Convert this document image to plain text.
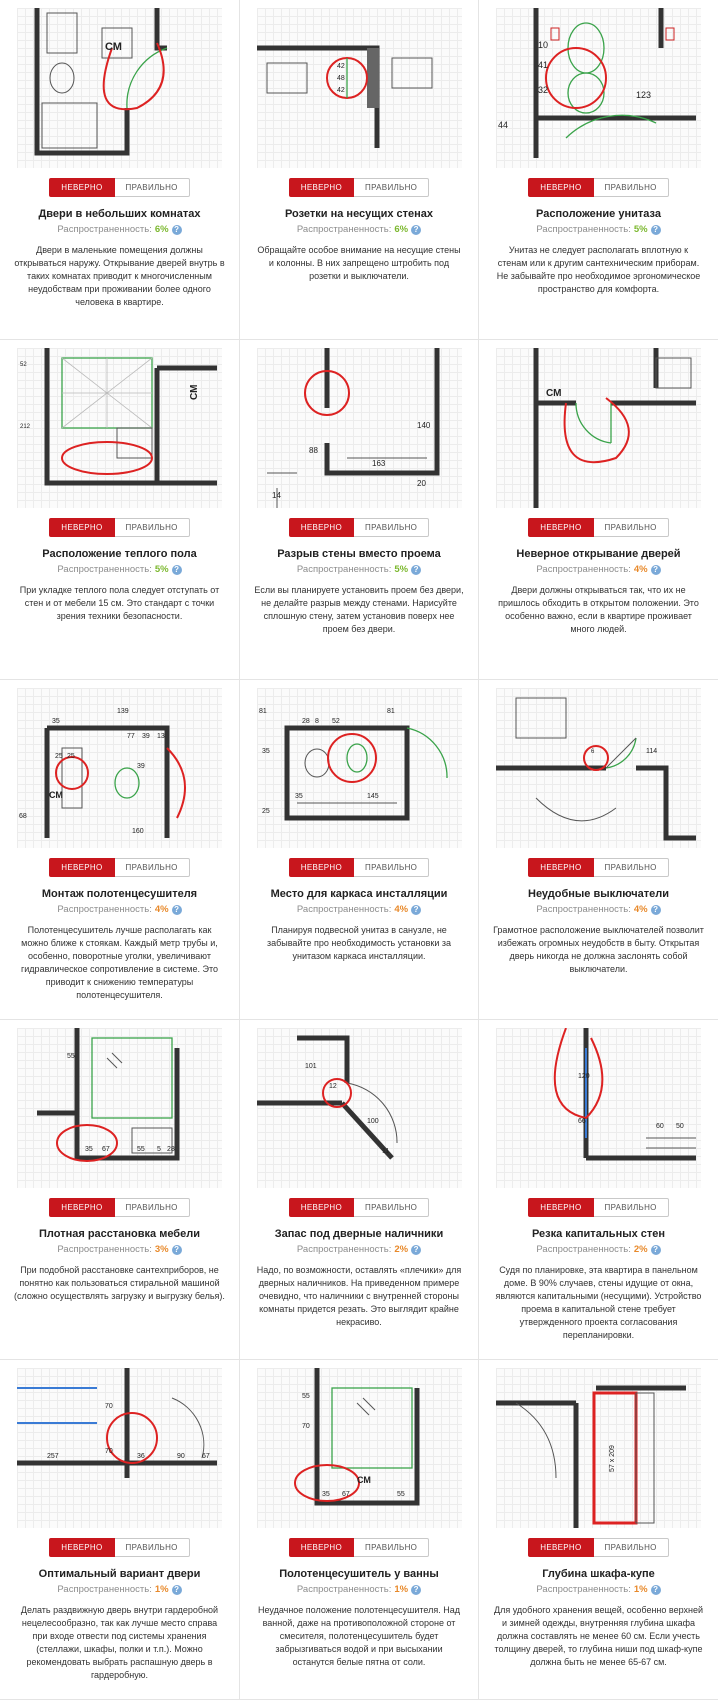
СМ
НЕВЕРНО	ПРАВИЛЬНО
Двери в небольших комнатах
Распространенность: 6% ?
Двери в маленькие помещения должны открываться наружу. Открывание дверей внутрь в таких комнатах приводит к многочисленным неудобствам при проживании более одного человека в квартире.
42
48
42
НЕВЕРНО	ПРАВИЛЬНО
Розетки на несущих стенах
Распространенность: 6% ?
Обращайте особое внимание на несущие стены и колонны. В них запрещено штробить под розетки и выключатели.
10
41
32	123
44
НЕВЕРНО	ПРАВИЛЬНО
Расположение унитаза
Распространенность: 5% ?
Унитаз не следует располагать вплотную к стенам или к другим сантехническим приборам. Не забывайте про необходимое эргономическое пространство для комфорта.
52
212
СМ
НЕВЕРНО	ПРАВИЛЬНО
Расположение теплого пола
Распространенность: 5% ?
При укладке теплого пола следует отступать от стен и от мебели 15 см. Это стандарт с точки зрения техники безопасности.
140
88
163
14
20
НЕВЕРНО	ПРАВИЛЬНО
Разрыв стены вместо проема
Распространенность: 5% ?
Если вы планируете установить проем без двери, не делайте разрыв между стенами. Нарисуйте сплошную стену, затем установив поверх нее проем без двери.
СМ
НЕВЕРНО	ПРАВИЛЬНО
Неверное открывание дверей
Распространенность: 4% ?
Двери должны открываться так, что их не пришлось обходить в открытом положении. Это особенно важно, если в квартире проживает много людей.
139
35
77 39 13
25 25
39
СМ
160
68
НЕВЕРНО	ПРАВИЛЬНО
Монтаж полотенцесушителя
Распространенность: 4% ?
Полотенцесушитель лучше располагать как можно ближе к стоякам. Каждый метр трубы и, особенно, поворотные уголки, увеличивают гидравлическое сопротивление в системе. Это приводит к снижению температуры полотенцесушителя.
81
28 8 52
81
35
35	145
25
НЕВЕРНО	ПРАВИЛЬНО
Место для каркаса инсталляции
Распространенность: 4% ?
Планируя подвесной унитаз в санузле, не забывайте про необходимость установки за унитазом каркаса инсталляции.
114
6
НЕВЕРНО	ПРАВИЛЬНО
Неудобные выключатели
Распространенность: 4% ?
Грамотное расположение выключателей позволит избежать огромных неудобств в быту. Открытая дверь никогда не должна заслонять собой выключатели.
55
35 67	55 5 28
НЕВЕРНО	ПРАВИЛЬНО
Плотная расстановка мебели
Распространенность: 3% ?
При подобной расстановке сантехприборов, не понятно как пользоваться стиральной машиной (сложно осуществлять загрузку и выгрузку белья).
101
12
100
11
НЕВЕРНО	ПРАВИЛЬНО
Запас под дверные наличники
Распространенность: 2% ?
Надо, по возможности, оставлять «плечики» для дверных наличников. На приведенном примере очевидно, что наличники с внутренней стороны комнаты придется резать. Это выглядит крайне некрасиво.
120
66
60 50
НЕВЕРНО	ПРАВИЛЬНО
Резка капитальных стен
Распространенность: 2% ?
Судя по планировке, эта квартира в панельном доме. В 90% случаев, стены идущие от окна, являются капитальными (несущими). Устройство проема в капитальной стене требует утвержденного проекта согласования перепланировки.
70
257
70
36	90 67
НЕВЕРНО	ПРАВИЛЬНО
Оптимальный вариант двери
Распространенность: 1% ?
Делать раздвижную дверь внутри гардеробной нецелесообразно, так как лучше место справа при входе отвести под системы хранения (стеллажи, шкафы, полки и т.п.). Можно рекомендовать выбрать распашную дверь в гардеробную.
55
70
35 67
СМ
55
НЕВЕРНО	ПРАВИЛЬНО
Полотенцесушитель у ванны
Распространенность: 1% ?
Неудачное положение полотенцесушителя. Над ванной, даже на противоположной стороне от смесителя, полотенцесушитель будет забрызгиваться водой и при высыхании останутся белые пятна от соли.
57 x 209
НЕВЕРНО	ПРАВИЛЬНО
Глубина шкафа-купе
Распространенность: 1% ?
Для удобного хранения вещей, особенно верхней и зимней одежды, внутренняя глубина шкафа должна составлять не менее 60 см. Если учесть толщину дверей, то глубина ниши под шкаф-купе должна быть не менее 65-67 см.
